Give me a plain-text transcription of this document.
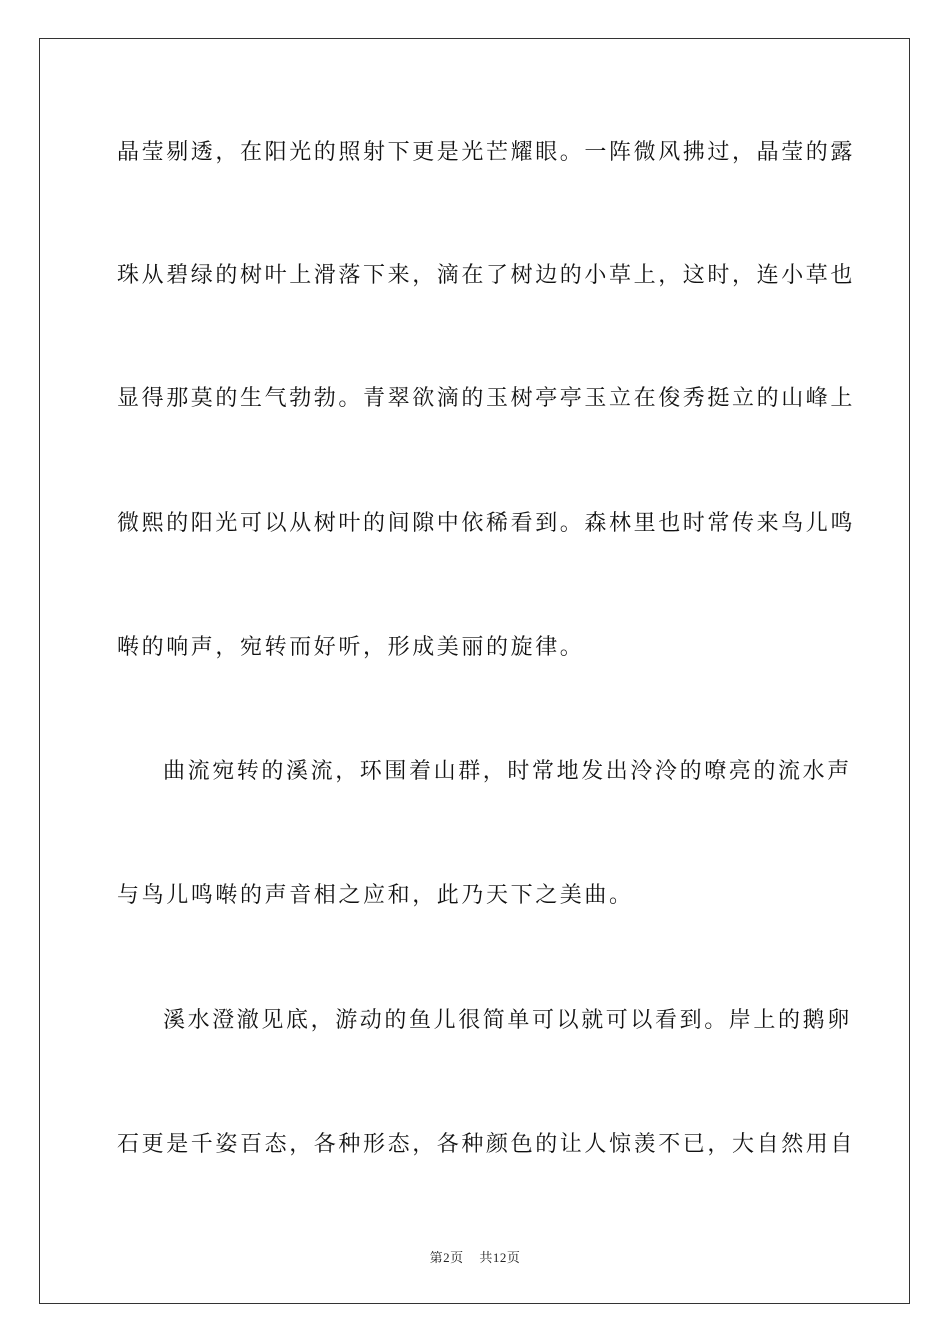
晶莹剔透，在阳光的照射下更是光芒耀眼。一阵微风拂过，晶莹的露
珠从碧绿的树叶上滑落下来，滴在了树边的小草上，这时，连小草也
显得那莫的生气勃勃。青翠欲滴的玉树亭亭玉立在俊秀挺立的山峰上
微熙的阳光可以从树叶的间隙中依稀看到。森林里也时常传来鸟儿鸣
啭的响声，宛转而好听，形成美丽的旋律。
曲流宛转的溪流，环围着山群，时常地发出泠泠的嘹亮的流水声
与鸟儿鸣啭的声音相之应和，此乃天下之美曲。
溪水澄澈见底，游动的鱼儿很简单可以就可以看到。岸上的鹅卵
石更是千姿百态，各种形态，各种颜色的让人惊羡不已，大自然用自
第2页 共12页
